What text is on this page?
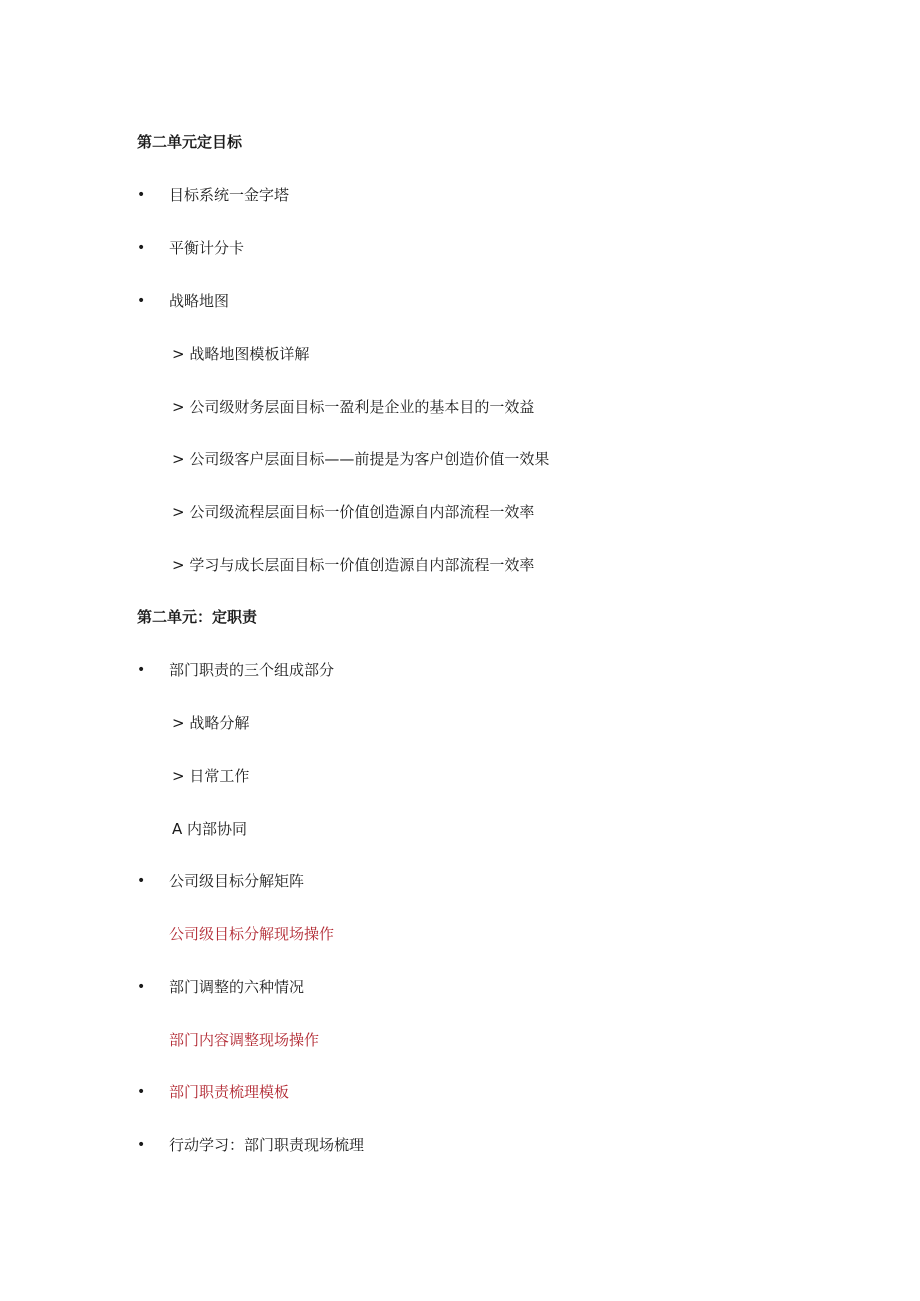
第二单元定目标
• 目标系统一金字塔
• 平衡计分卡
• 战略地图
> 战略地图模板详解
> 公司级财务层面目标一盈利是企业的基本目的一效益
> 公司级客户层面目标——前提是为客户创造价值一效果
> 公司级流程层面目标一价值创造源自内部流程一效率
> 学习与成长层面目标一价值创造源自内部流程一效率
第二单元：定职责
• 部门职责的三个组成部分
> 战略分解
> 日常工作
A 内部协同
• 公司级目标分解矩阵
公司级目标分解现场操作
• 部门调整的六种情况
部门内容调整现场操作
• 部门职责梳理模板
• 行动学习：部门职责现场梳理
